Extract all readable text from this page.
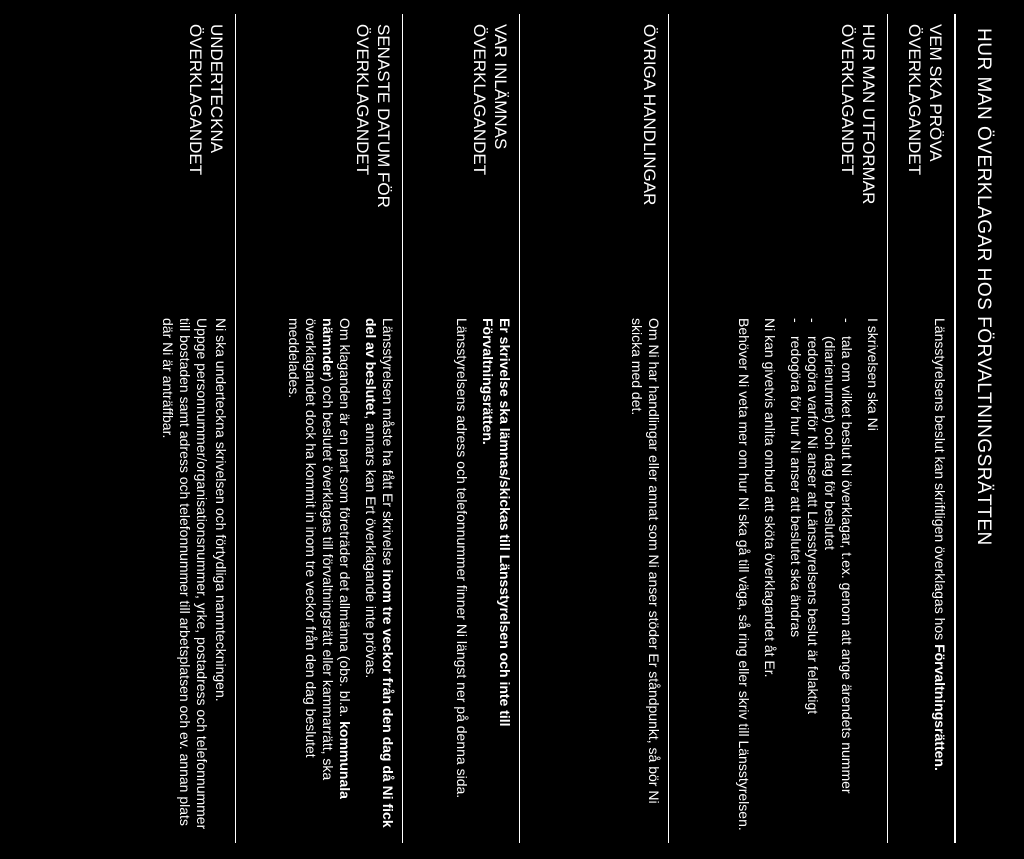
HUR MAN ÖVERKLAGAR HOS FÖRVALTNINGSRÄTTEN
VEM SKA PRÖVA ÖVERKLAGANDET

Länsstyrelsens beslut kan skriftligen överklagas hos Förvaltningsrätten.

HUR MAN UTFORMAR ÖVERKLAGANDET

I skrivelsen ska Ni

- tala om vilket beslut Ni överklagar, t.ex. genom att ange ärendets nummer (diarienumret) och dag för beslutet
- redogöra varför Ni anser att Länsstyrelsens beslut är felaktigt
- redogöra för hur Ni anser att beslutet ska ändras

Ni kan givetvis anlita ombud att sköta överklagandet åt Er.

Behöver Ni veta mer om hur Ni ska gå till väga, så ring eller skriv till Länsstyrelsen.

ÖVRIGA HANDLINGAR

Om Ni har handlingar eller annat som Ni anser stöder Er ståndpunkt, så bör Ni skicka med det.

VAR INLÄMNAS ÖVERKLAGANDET

Er skrivelse ska lämnas/skickas till Länsstyrelsen och inte till Förvaltningsrätten.

Länsstyrelsens adress och telefonnummer finner Ni längst ner på denna sida.

SENASTE DATUM FÖR ÖVERKLAGANDET

Länsstyrelsen måste ha fått Er skrivelse inom tre veckor från den dag då Ni fick del av beslutet, annars kan Ert överklagande inte prövas.

Om klaganden är en part som företräder det allmänna (obs. bl.a. kommunala nämnder) och beslutet överklagas till förvaltningsrätt eller kammarrätt, ska överklagandet dock ha kommit in inom tre veckor från den dag beslutet meddelades.

UNDERTECKNA ÖVERKLAGANDET

Ni ska underteckna skrivelsen och förtydliga namnteckningen.

Uppge personnummer/organisationsnummer, yrke, postadress och telefonnummer till bostaden samt adress och telefonnummer till arbetsplatsen och ev. annan plats där Ni är anträffbar.
